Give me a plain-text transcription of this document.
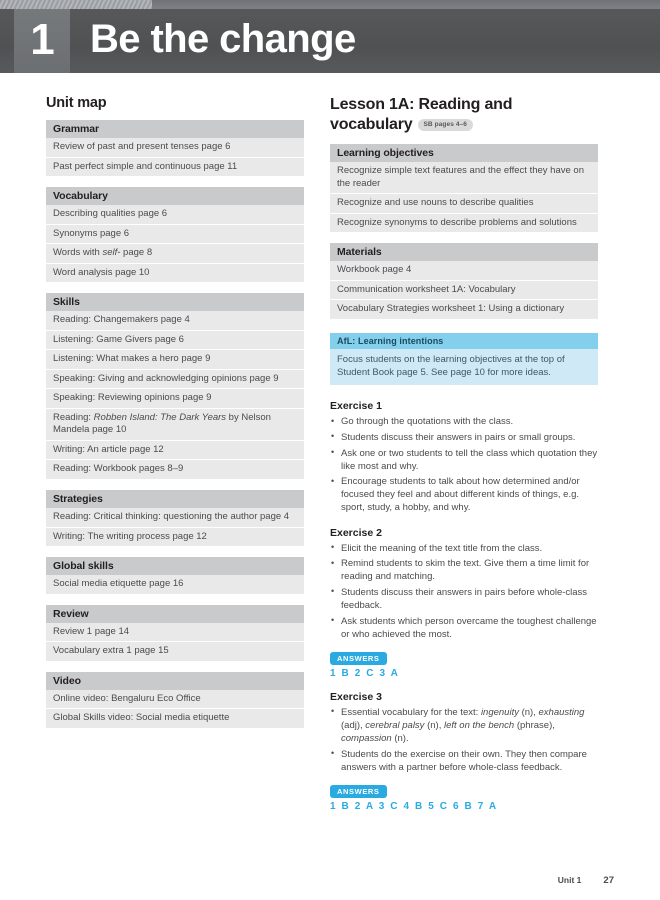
1 Be the change
Unit map
Grammar
Review of past and present tenses page 6
Past perfect simple and continuous page 11
Vocabulary
Describing qualities page 6
Synonyms page 6
Words with self- page 8
Word analysis page 10
Skills
Reading: Changemakers page 4
Listening: Game Givers page 6
Listening: What makes a hero page 9
Speaking: Giving and acknowledging opinions page 9
Speaking: Reviewing opinions page 9
Reading: Robben Island: The Dark Years by Nelson Mandela page 10
Writing: An article page 12
Reading: Workbook pages 8–9
Strategies
Reading: Critical thinking: questioning the author page 4
Writing: The writing process page 12
Global skills
Social media etiquette page 16
Review
Review 1 page 14
Vocabulary extra 1 page 15
Video
Online video: Bengaluru Eco Office
Global Skills video: Social media etiquette
Lesson 1A: Reading and vocabulary SB pages 4–6
Learning objectives
Recognize simple text features and the effect they have on the reader
Recognize and use nouns to describe qualities
Recognize synonyms to describe problems and solutions
Materials
Workbook page 4
Communication worksheet 1A: Vocabulary
Vocabulary Strategies worksheet 1: Using a dictionary
AfL: Learning intentions
Focus students on the learning objectives at the top of Student Book page 5. See page 10 for more ideas.
Exercise 1
• Go through the quotations with the class.
• Students discuss their answers in pairs or small groups.
• Ask one or two students to tell the class which quotation they like most and why.
• Encourage students to talk about how determined and/or focused they feel and about different kinds of things, e.g. sport, study, a hobby, and why.
Exercise 2
• Elicit the meaning of the text title from the class.
• Remind students to skim the text. Give them a time limit for reading and matching.
• Students discuss their answers in pairs before whole-class feedback.
• Ask students which person overcame the toughest challenge or who achieved the most.
ANSWERS
1 B 2 C 3 A
Exercise 3
• Essential vocabulary for the text: ingenuity (n), exhausting (adj), cerebral palsy (n), left on the bench (phrase), compassion (n).
• Students do the exercise on their own. They then compare answers with a partner before whole-class feedback.
ANSWERS
1 B 2 A 3 C 4 B 5 C 6 B 7 A
Unit 1 27
